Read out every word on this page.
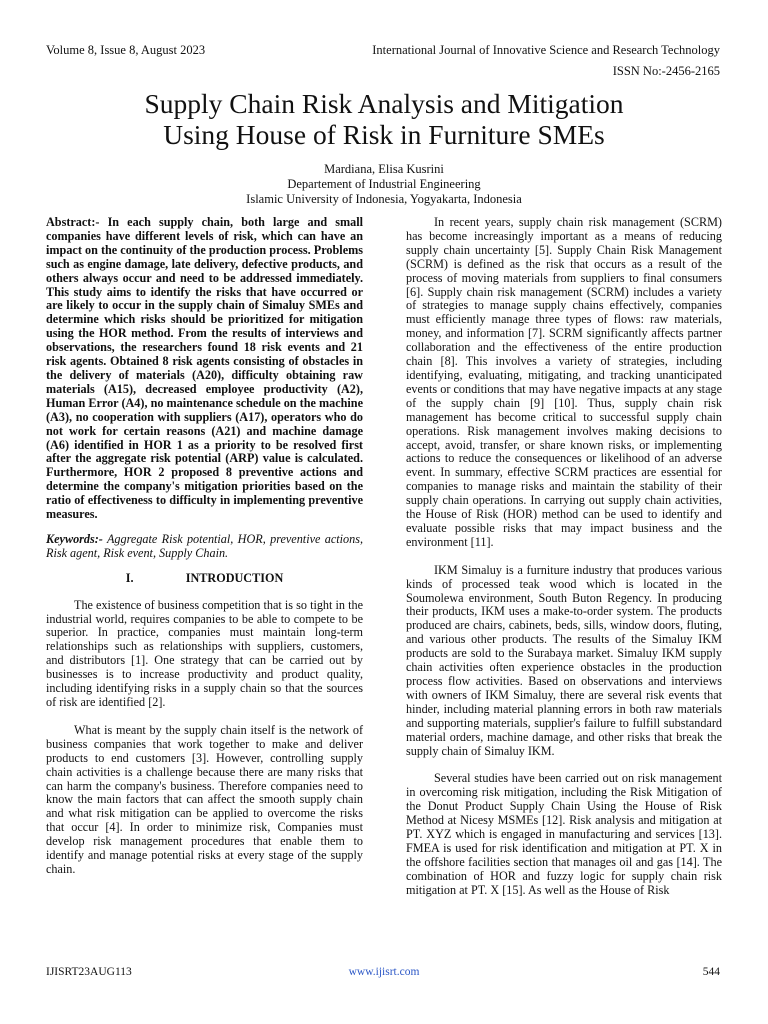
Volume 8, Issue 8, August 2023	International Journal of Innovative Science and Research Technology
ISSN No:-2456-2165
Supply Chain Risk Analysis and Mitigation
Using House of Risk in Furniture SMEs
Mardiana, Elisa Kusrini
Departement of Industrial Engineering
Islamic University of Indonesia, Yogyakarta, Indonesia

Abstract:- In each supply chain, both large and small companies have different levels of risk, which can have an impact on the continuity of the production process. Problems such as engine damage, late delivery, defective products, and others always occur and need to be addressed immediately. This study aims to identify the risks that have occurred or are likely to occur in the supply chain of Simaluy SMEs and determine which risks should be prioritized for mitigation using the HOR method. From the results of interviews and observations, the researchers found 18 risk events and 21 risk agents. Obtained 8 risk agents consisting of obstacles in the delivery of materials (A20), difficulty obtaining raw materials (A15), decreased employee productivity (A2), Human Error (A4), no maintenance schedule on the machine (A3), no cooperation with suppliers (A17), operators who do not work for certain reasons (A21) and machine damage (A6) identified in HOR 1 as a priority to be resolved first after the aggregate risk potential (ARP) value is calculated. Furthermore, HOR 2 proposed 8 preventive actions and determine the company's mitigation priorities based on the ratio of effectiveness to difficulty in implementing preventive measures.

Keywords:- Aggregate Risk potential, HOR, preventive actions, Risk agent, Risk event, Supply Chain.

I.	INTRODUCTION

The existence of business competition that is so tight in the industrial world, requires companies to be able to compete to be superior. In practice, companies must maintain long-term relationships such as relationships with suppliers, customers, and distributors [1]. One strategy that can be carried out by businesses is to increase productivity and product quality, including identifying risks in a supply chain so that the sources of risk are identified [2].

What is meant by the supply chain itself is the network of business companies that work together to make and deliver products to end customers [3]. However, controlling supply chain activities is a challenge because there are many risks that can harm the company's business. Therefore companies need to know the main factors that can affect the smooth supply chain and what risk mitigation can be applied to overcome the risks that occur [4]. In order to minimize risk, Companies must develop risk management procedures that enable them to identify and manage potential risks at every stage of the supply chain.

In recent years, supply chain risk management (SCRM) has become increasingly important as a means of reducing supply chain uncertainty [5]. Supply Chain Risk Management (SCRM) is defined as the risk that occurs as a result of the process of moving materials from suppliers to final consumers [6]. Supply chain risk management (SCRM) includes a variety of strategies to manage supply chains effectively, companies must efficiently manage three types of flows: raw materials, money, and information [7]. SCRM significantly affects partner collaboration and the effectiveness of the entire production chain [8]. This involves a variety of strategies, including identifying, evaluating, mitigating, and tracking unanticipated events or conditions that may have negative impacts at any stage of the supply chain [9] [10]. Thus, supply chain risk management has become critical to successful supply chain operations. Risk management involves making decisions to accept, avoid, transfer, or share known risks, or implementing actions to reduce the consequences or likelihood of an adverse event. In summary, effective SCRM practices are essential for companies to manage risks and maintain the stability of their supply chain operations. In carrying out supply chain activities, the House of Risk (HOR) method can be used to identify and evaluate possible risks that may impact business and the environment [11].

IKM Simaluy is a furniture industry that produces various kinds of processed teak wood which is located in the Soumolewa environment, South Buton Regency. In producing their products, IKM uses a make-to-order system. The products produced are chairs, cabinets, beds, sills, window doors, fluting, and various other products. The results of the Simaluy IKM products are sold to the Surabaya market. Simaluy IKM supply chain activities often experience obstacles in the production process flow activities. Based on observations and interviews with owners of IKM Simaluy, there are several risk events that hinder, including material planning errors in both raw materials and supporting materials, supplier's failure to fulfill substandard material orders, machine damage, and other risks that break the supply chain of Simaluy IKM.

Several studies have been carried out on risk management in overcoming risk mitigation, including the Risk Mitigation of the Donut Product Supply Chain Using the House of Risk Method at Nicesy MSMEs [12]. Risk analysis and mitigation at PT. XYZ which is engaged in manufacturing and services [13]. FMEA is used for risk identification and mitigation at PT. X in the offshore facilities section that manages oil and gas [14]. The combination of HOR and fuzzy logic for supply chain risk mitigation at PT. X [15]. As well as the House of Risk

IJISRT23AUG113	www.ijisrt.com	544
